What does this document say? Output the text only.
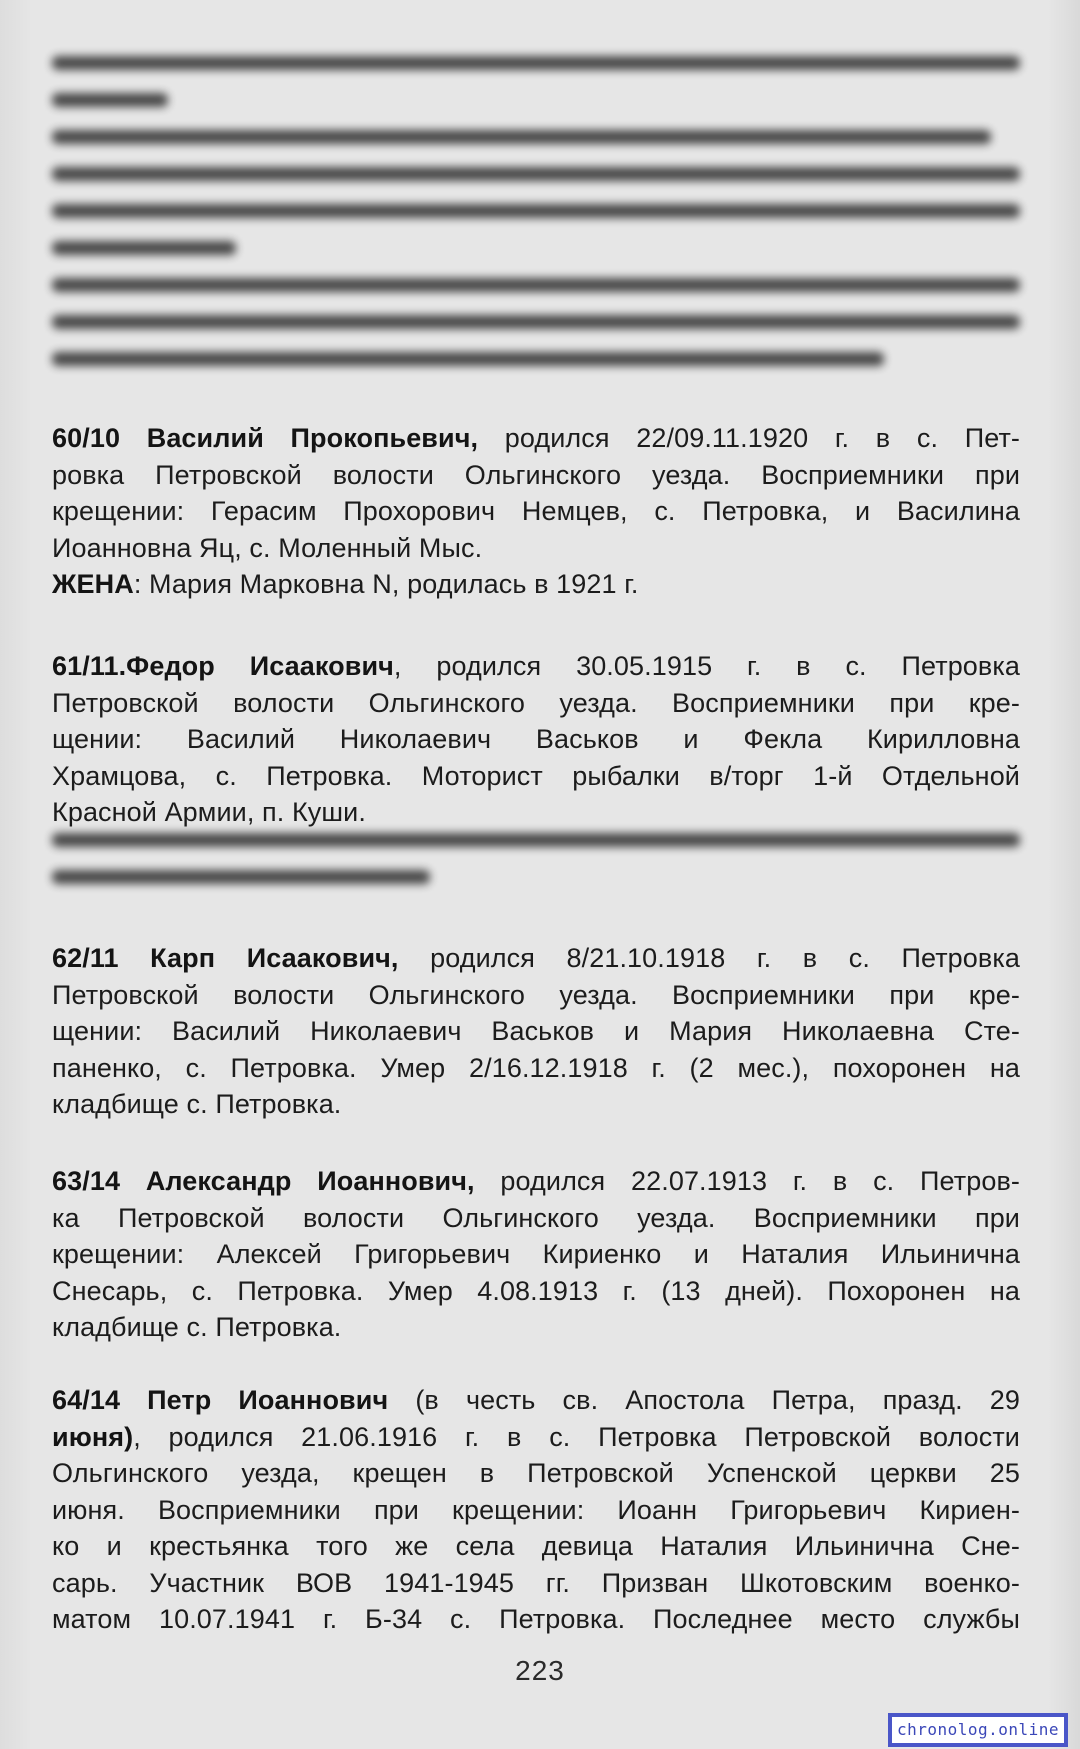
60/10 Василий Прокопьевич, родился 22/09.11.1920 г. в с. Пет-
ровка Петровской волости Ольгинского уезда. Восприемники при
крещении: Герасим Прохорович Немцев, с. Петровка, и Василина Иоанновна Яц, с. Моленный Мыс.
ЖЕНА: Мария Марковна N, родилась в 1921 г.
61/11.Федор Исаакович, родился 30.05.1915 г. в с. Петровка
Петровской волости Ольгинского уезда. Восприемники при кре-
щении: Василий Николаевич Васьков и Фекла Кирилловна
Храмцова, с. Петровка. Моторист рыбалки в/торг 1-й Отдельной
Красной Армии, п. Куши.
62/11 Карп Исаакович, родился 8/21.10.1918 г. в с. Петровка
Петровской волости Ольгинского уезда. Восприемники при кре-
щении: Василий Николаевич Васьков и Мария Николаевна Сте-
паненко, с. Петровка. Умер 2/16.12.1918 г. (2 мес.), похоронен на
кладбище с. Петровка.
63/14 Александр Иоаннович, родился 22.07.1913 г. в с. Петров-
ка Петровской волости Ольгинского уезда. Восприемники при
крещении: Алексей Григорьевич Кириенко и Наталия Ильинична
Снесарь, с. Петровка. Умер 4.08.1913 г. (13 дней). Похоронен на
кладбище с. Петровка.
64/14 Петр Иоаннович (в честь св. Апостола Петра, празд. 29
июня), родился 21.06.1916 г. в с. Петровка Петровской волости
Ольгинского уезда, крещен в Петровской Успенской церкви 25
июня. Восприемники при крещении: Иоанн Григорьевич Кириен-
ко и крестьянка того же села девица Наталия Ильинична Сне-
сарь. Участник ВОВ 1941-1945 гг. Призван Шкотовским военко-
матом 10.07.1941 г. Б-34 с. Петровка. Последнее место службы
223
chronolog.online
